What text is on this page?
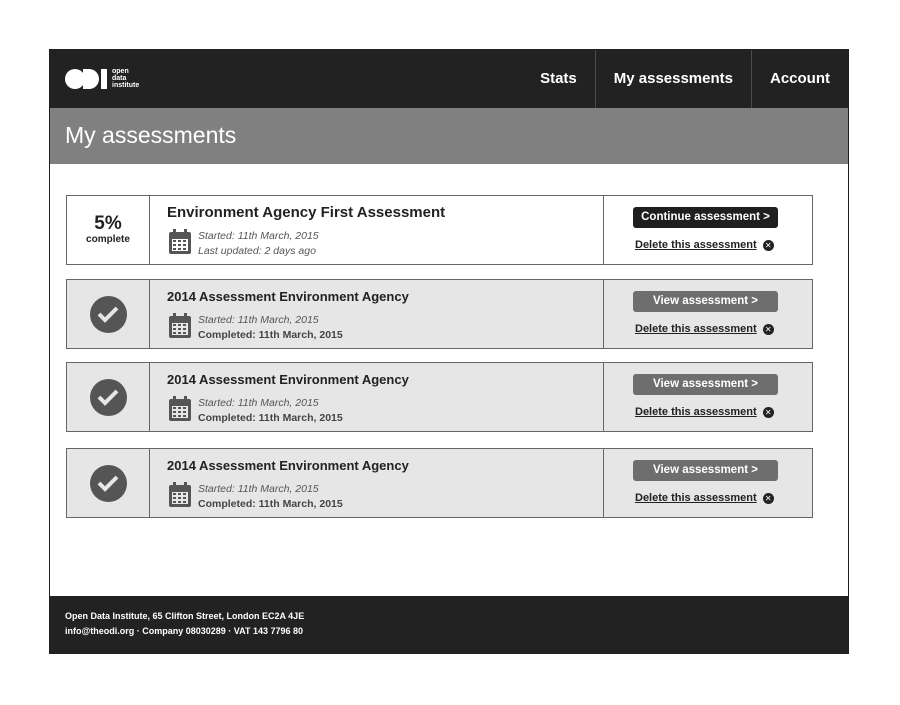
open
data
institute	Stats	My assessments	Account
My assessments
5%
complete
Environment Agency First Assessment
Started: 11th March, 2015
Last updated: 2 days ago
Continue assessment >
Delete this assessment ✕
2014 Assessment Environment Agency
Started: 11th March, 2015
Completed: 11th March, 2015
View assessment >
Delete this assessment ✕
2014 Assessment Environment Agency
Started: 11th March, 2015
Completed: 11th March, 2015
View assessment >
Delete this assessment ✕
2014 Assessment Environment Agency
Started: 11th March, 2015
Completed: 11th March, 2015
View assessment >
Delete this assessment ✕
Open Data Institute, 65 Clifton Street, London EC2A 4JE
info@theodi.org · Company 08030289 · VAT 143 7796 80
